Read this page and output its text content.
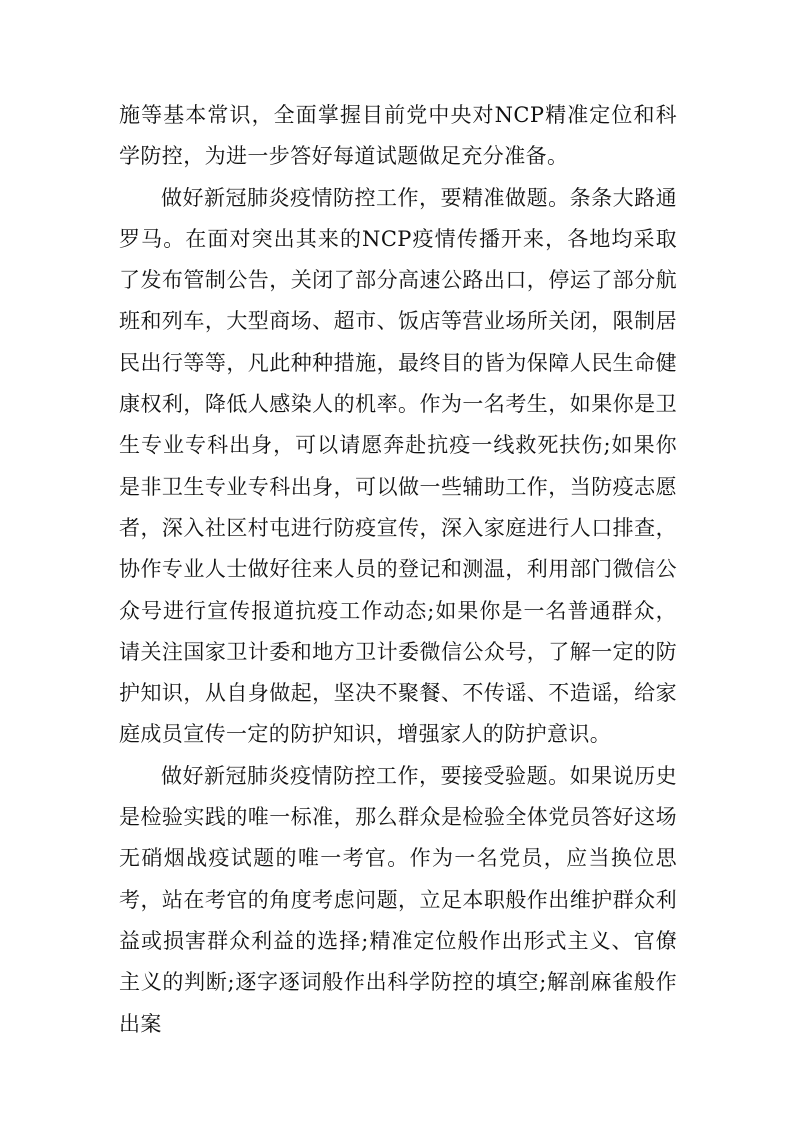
施等基本常识，全面掌握目前党中央对NCP精准定位和科学防控，为进一步答好每道试题做足充分准备。

做好新冠肺炎疫情防控工作，要精准做题。条条大路通罗马。在面对突出其来的NCP疫情传播开来，各地均采取了发布管制公告，关闭了部分高速公路出口，停运了部分航班和列车，大型商场、超市、饭店等营业场所关闭，限制居民出行等等，凡此种种措施，最终目的皆为保障人民生命健康权利，降低人感染人的机率。作为一名考生，如果你是卫生专业专科出身，可以请愿奔赴抗疫一线救死扶伤;如果你是非卫生专业专科出身，可以做一些辅助工作，当防疫志愿者，深入社区村屯进行防疫宣传，深入家庭进行人口排查，协作专业人士做好往来人员的登记和测温，利用部门微信公众号进行宣传报道抗疫工作动态;如果你是一名普通群众，请关注国家卫计委和地方卫计委微信公众号，了解一定的防护知识，从自身做起，坚决不聚餐、不传谣、不造谣，给家庭成员宣传一定的防护知识，增强家人的防护意识。

做好新冠肺炎疫情防控工作，要接受验题。如果说历史是检验实践的唯一标准，那么群众是检验全体党员答好这场无硝烟战疫试题的唯一考官。作为一名党员，应当换位思考，站在考官的角度考虑问题，立足本职般作出维护群众利益或损害群众利益的选择;精准定位般作出形式主义、官僚主义的判断;逐字逐词般作出科学防控的填空;解剖麻雀般作出案
